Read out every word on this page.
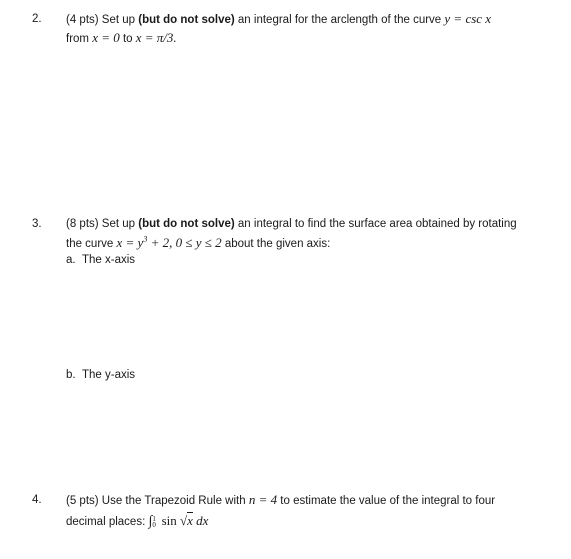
2. (4 pts) Set up (but do not solve) an integral for the arclength of the curve y = csc x
from x = 0 to x = π/3.
3. (8 pts) Set up (but do not solve) an integral to find the surface area obtained by rotating
the curve $x = y^3 + 2$, 0 ≤ y ≤ 2 about the given axis:
a. The x-axis
b. The y-axis
4. (5 pts) Use the Trapezoid Rule with n = 4 to estimate the value of the integral to four
decimal places: ∫ 1
0 sin √x dx
